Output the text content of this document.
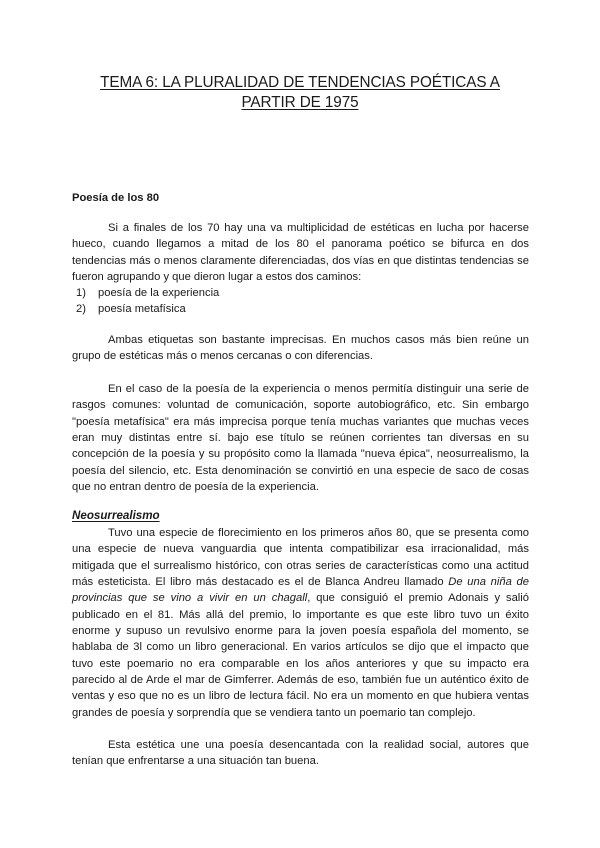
TEMA 6: LA PLURALIDAD DE TENDENCIAS POÉTICAS A
PARTIR DE 1975
Poesía de los 80

Si a finales de los 70 hay una va multiplicidad de estéticas en lucha por hacerse hueco, cuando llegamos a mitad de los 80 el panorama poético se bifurca en dos tendencias más o menos claramente diferenciadas, dos vías en que distintas tendencias se fueron agrupando y que dieron lugar a estos dos caminos:

1)	poesía de la experiencia
2)	poesía metafísica

Ambas etiquetas son bastante imprecisas. En muchos casos más bien reúne un grupo de estéticas más o menos cercanas o con diferencias.

En el caso de la poesía de la experiencia o menos permitía distinguir una serie de rasgos comunes: voluntad de comunicación, soporte autobiográfico, etc. Sin embargo "poesía metafísica" era más imprecisa porque tenía muchas variantes que muchas veces eran muy distintas entre sí. bajo ese título se reúnen corrientes tan diversas en su concepción de la poesía y su propósito como la llamada "nueva épica", neosurrealismo, la poesía del silencio, etc. Esta denominación se convirtió en una especie de saco de cosas que no entran dentro de poesía de la experiencia.

Neosurrealismo

Tuvo una especie de florecimiento en los primeros años 80, que se presenta como una especie de nueva vanguardia que intenta compatibilizar esa irracionalidad, más mitigada que el surrealismo histórico, con otras series de características como una actitud más esteticista. El libro más destacado es el de Blanca Andreu llamado De una niña de provincias que se vino a vivir en un chagall, que consiguió el premio Adonais y salió publicado en el 81. Más allá del premio, lo importante es que este libro tuvo un éxito enorme y supuso un revulsivo enorme para la joven poesía española del momento, se hablaba de 3l como un libro generacional. En varios artículos se dijo que el impacto que tuvo este poemario no era comparable en los años anteriores y que su impacto era parecido al de Arde el mar de Gimferrer. Además de eso, también fue un auténtico éxito de ventas y eso que no es un libro de lectura fácil. No era un momento en que hubiera ventas grandes de poesía y sorprendía que se vendiera tanto un poemario tan complejo.

Esta estética une una poesía desencantada con la realidad social, autores que tenían que enfrentarse a una situación tan buena.
